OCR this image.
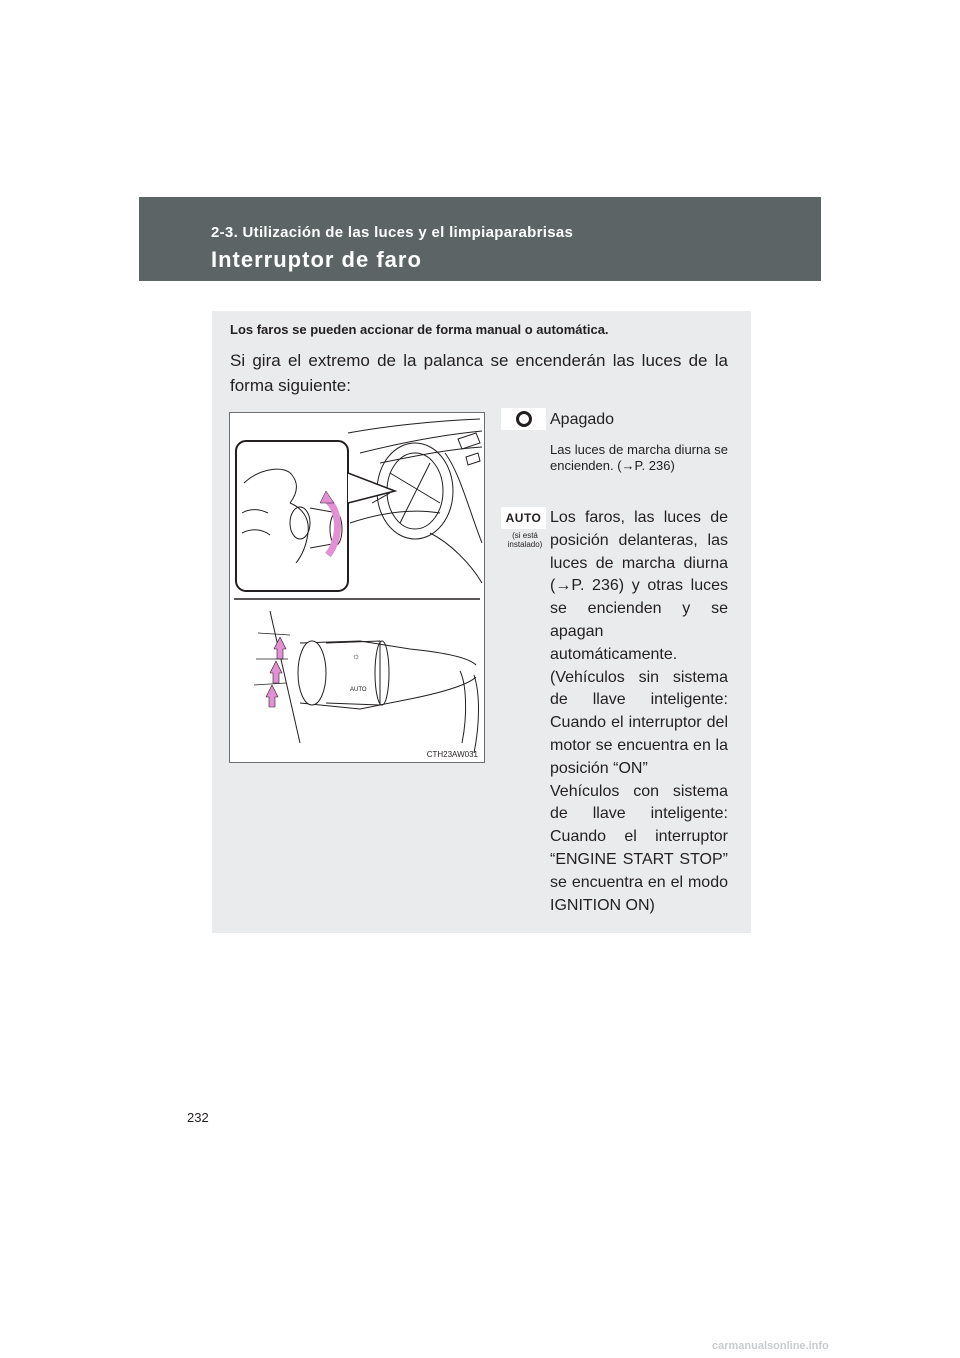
2-3. Utilización de las luces y el limpiaparabrisas
Interruptor de faro
Los faros se pueden accionar de forma manual o automática.
Si gira el extremo de la palanca se encenderán las luces de la forma siguiente:
☼
AUTO
CTH23AW031
Apagado
Las luces de marcha diurna se encienden. (→P. 236)
AUTO
(si está instalado)

Los faros, las luces de posición delanteras, las luces de marcha diurna (→P. 236) y otras luces se encienden y se apagan automáticamente.

(Vehículos sin sistema de llave inteligente: Cuando el interruptor del motor se encuentra en la posición “ON”

Vehículos con sistema de llave inteligente: Cuando el interruptor “ENGINE START STOP” se encuentra en el modo IGNITION ON)

232
carmanualsonline.info
